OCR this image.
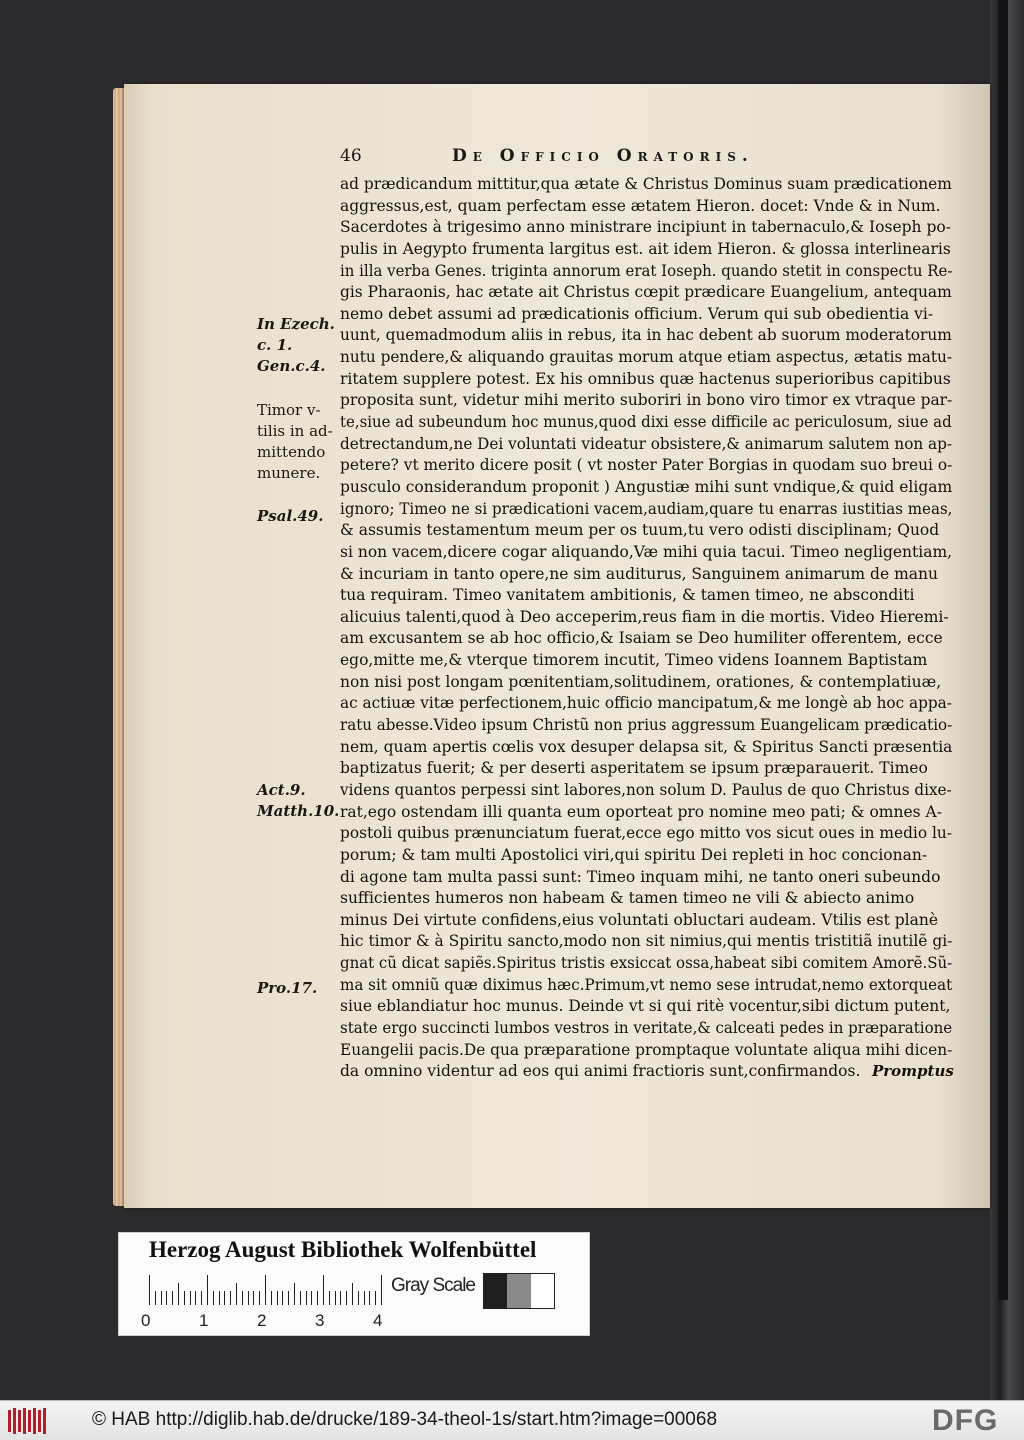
46	De Officio Oratoris.
ad prædicandum mittitur,qua ætate & Christus Dominus suam prædicationem
aggressus,est, quam perfectam esse ætatem Hieron. docet: Vnde & in Num.
Sacerdotes à trigesimo anno ministrare incipiunt in tabernaculo,& Ioseph po-
pulis in Aegypto frumenta largitus est. ait idem Hieron. & glossa interlinearis
in illa verba Genes. triginta annorum erat Ioseph. quando stetit in conspectu Re-
gis Pharaonis, hac ætate ait Christus cœpit prædicare Euangelium, antequam
nemo debet assumi ad prædicationis officium. Verum qui sub obedientia vi-
uunt, quemadmodum aliis in rebus, ita in hac debent ab suorum moderatorum
nutu pendere,& aliquando grauitas morum atque etiam aspectus, ætatis matu-
ritatem supplere potest. Ex his omnibus quæ hactenus superioribus capitibus
proposita sunt, videtur mihi merito suboriri in bono viro timor ex vtraque par-
te,siue ad subeundum hoc munus,quod dixi esse difficile ac periculosum, siue ad
detrectandum,ne Dei voluntati videatur obsistere,& animarum salutem non ap-
petere? vt merito dicere posit ( vt noster Pater Borgias in quodam suo breui o-
pusculo considerandum proponit ) Angustiæ mihi sunt vndique,& quid eligam
ignoro; Timeo ne si prædicationi vacem,audiam,quare tu enarras iustitias meas,
& assumis testamentum meum per os tuum,tu vero odisti disciplinam; Quod
si non vacem,dicere cogar aliquando,Væ mihi quia tacui. Timeo negligentiam,
& incuriam in tanto opere,ne sim auditurus, Sanguinem animarum de manu
tua requiram. Timeo vanitatem ambitionis, & tamen timeo, ne absconditi
alicuius talenti,quod à Deo acceperim,reus fiam in die mortis. Video Hieremi-
am excusantem se ab hoc officio,& Isaiam se Deo humiliter offerentem, ecce
ego,mitte me,& vterque timorem incutit, Timeo videns Ioannem Baptistam
non nisi post longam pœnitentiam,solitudinem, orationes, & contemplatiuæ,
ac actiuæ vitæ perfectionem,huic officio mancipatum,& me longè ab hoc appa-
ratu abesse.Video ipsum Christũ non prius aggressum Euangelicam prædicatio-
nem, quam apertis cœlis vox desuper delapsa sit, & Spiritus Sancti præsentia
baptizatus fuerit; & per deserti asperitatem se ipsum præparauerit. Timeo
videns quantos perpessi sint labores,non solum D. Paulus de quo Christus dixe-
rat,ego ostendam illi quanta eum oporteat pro nomine meo pati; & omnes A-
postoli quibus prænunciatum fuerat,ecce ego mitto vos sicut oues in medio lu-
porum; & tam multi Apostolici viri,qui spiritu Dei repleti in hoc concionan-
di agone tam multa passi sunt: Timeo inquam mihi, ne tanto oneri subeundo
sufficientes humeros non habeam & tamen timeo ne vili & abiecto animo
minus Dei virtute confidens,eius voluntati obluctari audeam. Vtilis est planè
hic timor & à Spiritu sancto,modo non sit nimius,qui mentis tristitiã inutilẽ gi-
gnat cũ dicat sapiẽs.Spiritus tristis exsiccat ossa,habeat sibi comitem Amorẽ.Sũ-
ma sit omniũ quæ diximus hæc.Primum,vt nemo sese intrudat,nemo extorqueat
siue eblandiatur hoc munus. Deinde vt si qui ritè vocentur,sibi dictum putent,
state ergo succincti lumbos vestros in veritate,& calceati pedes in præparatione
Euangelii pacis.De qua præparatione promptaque voluntate aliqua mihi dicen-
da omnino videntur ad eos qui animi fractioris sunt,confirmandos.
In Ezech.
c. 1.
Gen.c.4.
Timor v-
tilis in ad-
mittendo
munere.
Psal.49.
Act.9.
Matth.10.
Pro.17.
Promptus
Herzog August Bibliothek Wolfenbüttel
0	1	2	3	4
Gray Scale
© HAB http://diglib.hab.de/drucke/189-34-theol-1s/start.htm?image=00068	DFG
